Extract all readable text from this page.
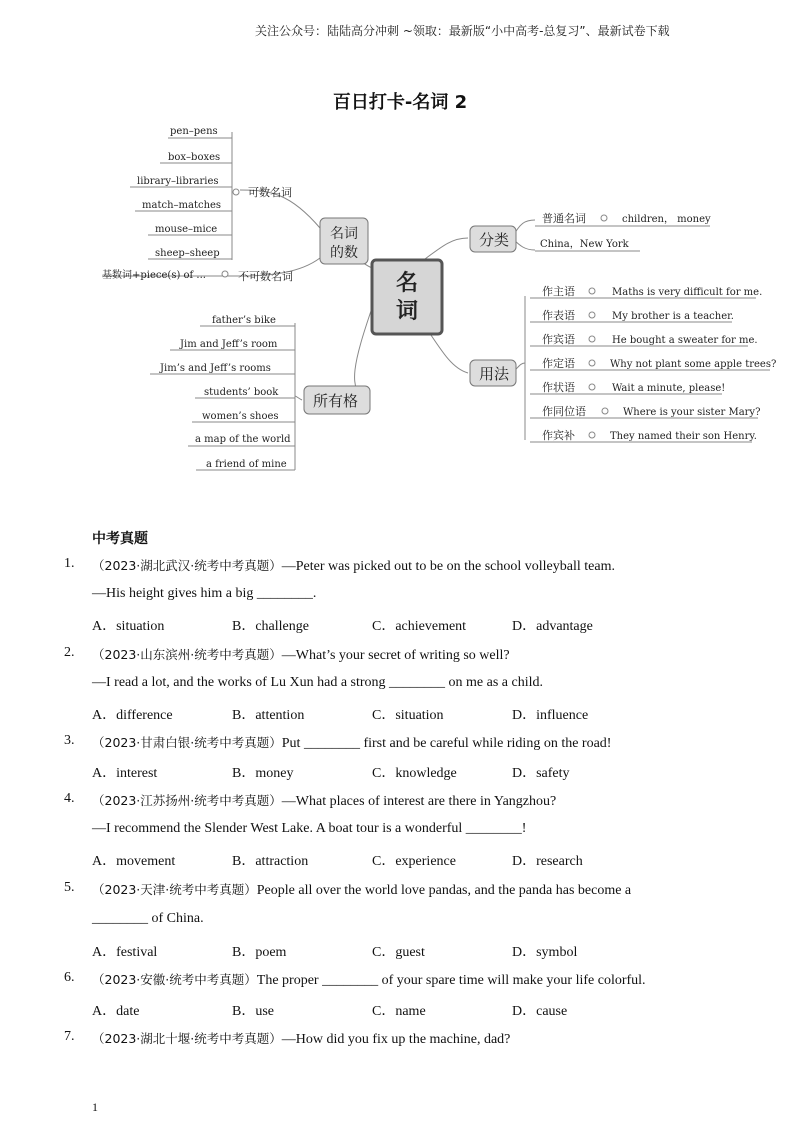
关注公众号：陆陆高分冲刺 ~领取：最新版“小中高考-总复习”、最新试卷下载
百日打卡-名词 2
pen–pens
box–boxes
library–libraries
match–matches
mouse–mice
sheep–sheep
可数名词
基数词+piece(s) of ...	不可数名词
名词
的数
名
词
分类
普通名词	children， money
China，New York
用法
作主语	Maths is very difficult for me.
作表语	My brother is a teacher.
作宾语	He bought a sweater for me.
作定语	Why not plant some apple trees?
作状语	Wait a minute, please!
作同位语	Where is your sister Mary?
作宾补	They named their son Henry.
所有格
father’s bike
Jim and Jeff’s room
Jim’s and Jeff’s rooms
students’ book
women’s shoes
a map of the world
a friend of mine
中考真题
1. （2023·湖北武汉·统考中考真题）—Peter was picked out to be on the school volleyball team.
—His height gives him a big ________.
A．situation	B．challenge	C．achievement	D．advantage
2. （2023·山东滨州·统考中考真题）—What’s your secret of writing so well?
—I read a lot, and the works of Lu Xun had a strong ________ on me as a child.
A．difference	B．attention	C．situation	D．influence
3. （2023·甘肃白银·统考中考真题）Put ________ first and be careful while riding on the road!
A．interest	B．money	C．knowledge	D．safety
4. （2023·江苏扬州·统考中考真题）—What places of interest are there in Yangzhou?
—I recommend the Slender West Lake. A boat tour is a wonderful ________!
A．movement	B．attraction	C．experience	D．research
5. （2023·天津·统考中考真题）People all over the world love pandas, and the panda has become a
________ of China.
A．festival	B．poem	C．guest	D．symbol
6. （2023·安徽·统考中考真题）The proper ________ of your spare time will make your life colorful.
A．date	B．use	C．name	D．cause
7. （2023·湖北十堰·统考中考真题）—How did you fix up the machine, dad?
1
